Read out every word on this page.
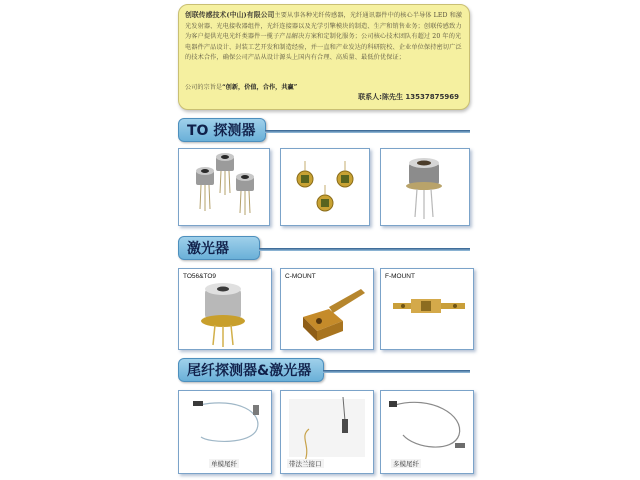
创联传感技术(中山)有限公司主要从事各种光纤传感器，光纤通讯器件中的核心半导体 LED 和激光发射器、光电接收器组件，光纤连接器以及光学引擎模块的制造、生产和销售业务；创联传感致力为客户提供光电光纤类器件一揽子产品解决方案和定制化服务；公司核心技术团队有超过 20 年的光电器件产品设计、封装工艺开发和制造经验，并一直和产业发达的科研院校、企业单位保持密切广泛的技术合作，确保公司产品从设计源头上国内有合理、高质量、最低价优保证；
公司的宗旨是“创新，价值，合作，共赢”
联系人:陈先生 13537875969
TO 探测器
激光器
TO56&TO9	C-MOUNT	F-MOUNT
尾纤探测器&激光器
单模尾纤	带法兰接口	多模尾纤
